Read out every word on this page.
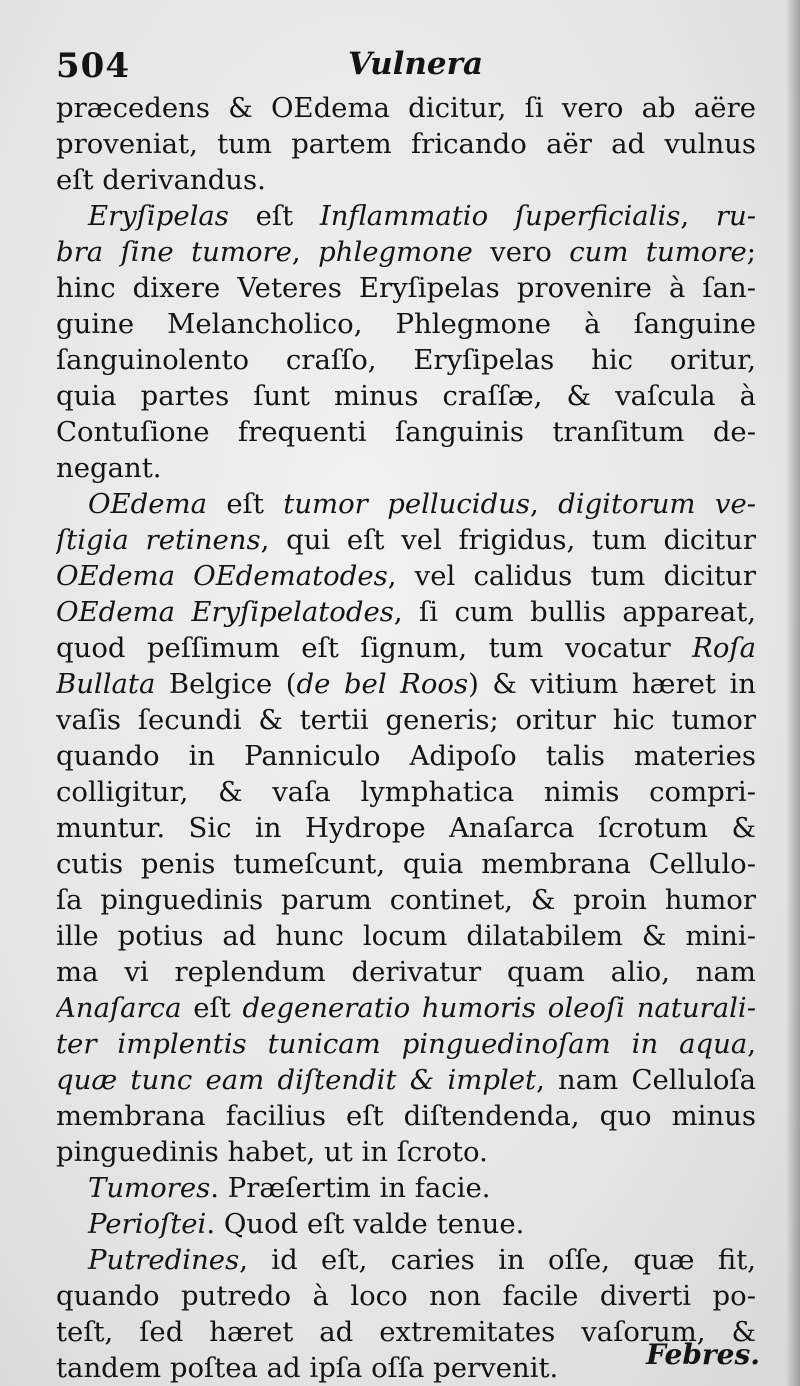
504	Vulnera
præcedens & OEdema dicitur, ſi vero ab aëre
proveniat, tum partem fricando aër ad vulnus
eſt derivandus.
Eryſipelas eſt Inflammatio ſuperficialis, ru-
bra ſine tumore, phlegmone vero cum tumore;
hinc dixere Veteres Eryſipelas provenire à ſan-
guine Melancholico, Phlegmone à ſanguine
ſanguinolento craſſo, Eryſipelas hic oritur,
quia partes ſunt minus craſſæ, & vaſcula à
Contuſione frequenti ſanguinis tranſitum de-
negant.
OEdema eſt tumor pellucidus, digitorum ve-
ſtigia retinens, qui eſt vel frigidus, tum dicitur
OEdema OEdematodes, vel calidus tum dicitur
OEdema Eryſipelatodes, ſi cum bullis appareat,
quod peſſimum eſt ſignum, tum vocatur Roſa
Bullata Belgice (de bel Roos) & vitium hæret in
vaſis ſecundi & tertii generis; oritur hic tumor
quando in Panniculo Adipoſo talis materies
colligitur, & vaſa lymphatica nimis compri-
muntur. Sic in Hydrope Anaſarca ſcrotum &
cutis penis tumeſcunt, quia membrana Cellulo-
ſa pinguedinis parum continet, & proin humor
ille potius ad hunc locum dilatabilem & mini-
ma vi replendum derivatur quam alio, nam
Anaſarca eſt degeneratio humoris oleoſi naturali-
ter implentis tunicam pinguedinoſam in aqua,
quæ tunc eam diſtendit & implet, nam Celluloſa
membrana facilius eſt diſtendenda, quo minus
pinguedinis habet, ut in ſcroto.
Tumores. Præſertim in facie.
Perioſtei. Quod eſt valde tenue.
Putredines, id eſt, caries in oſſe, quæ fit,
quando putredo à loco non facile diverti po-
teſt, ſed hæret ad extremitates vaſorum, &
tandem poſtea ad ipſa oſſa pervenit.	Febres.
